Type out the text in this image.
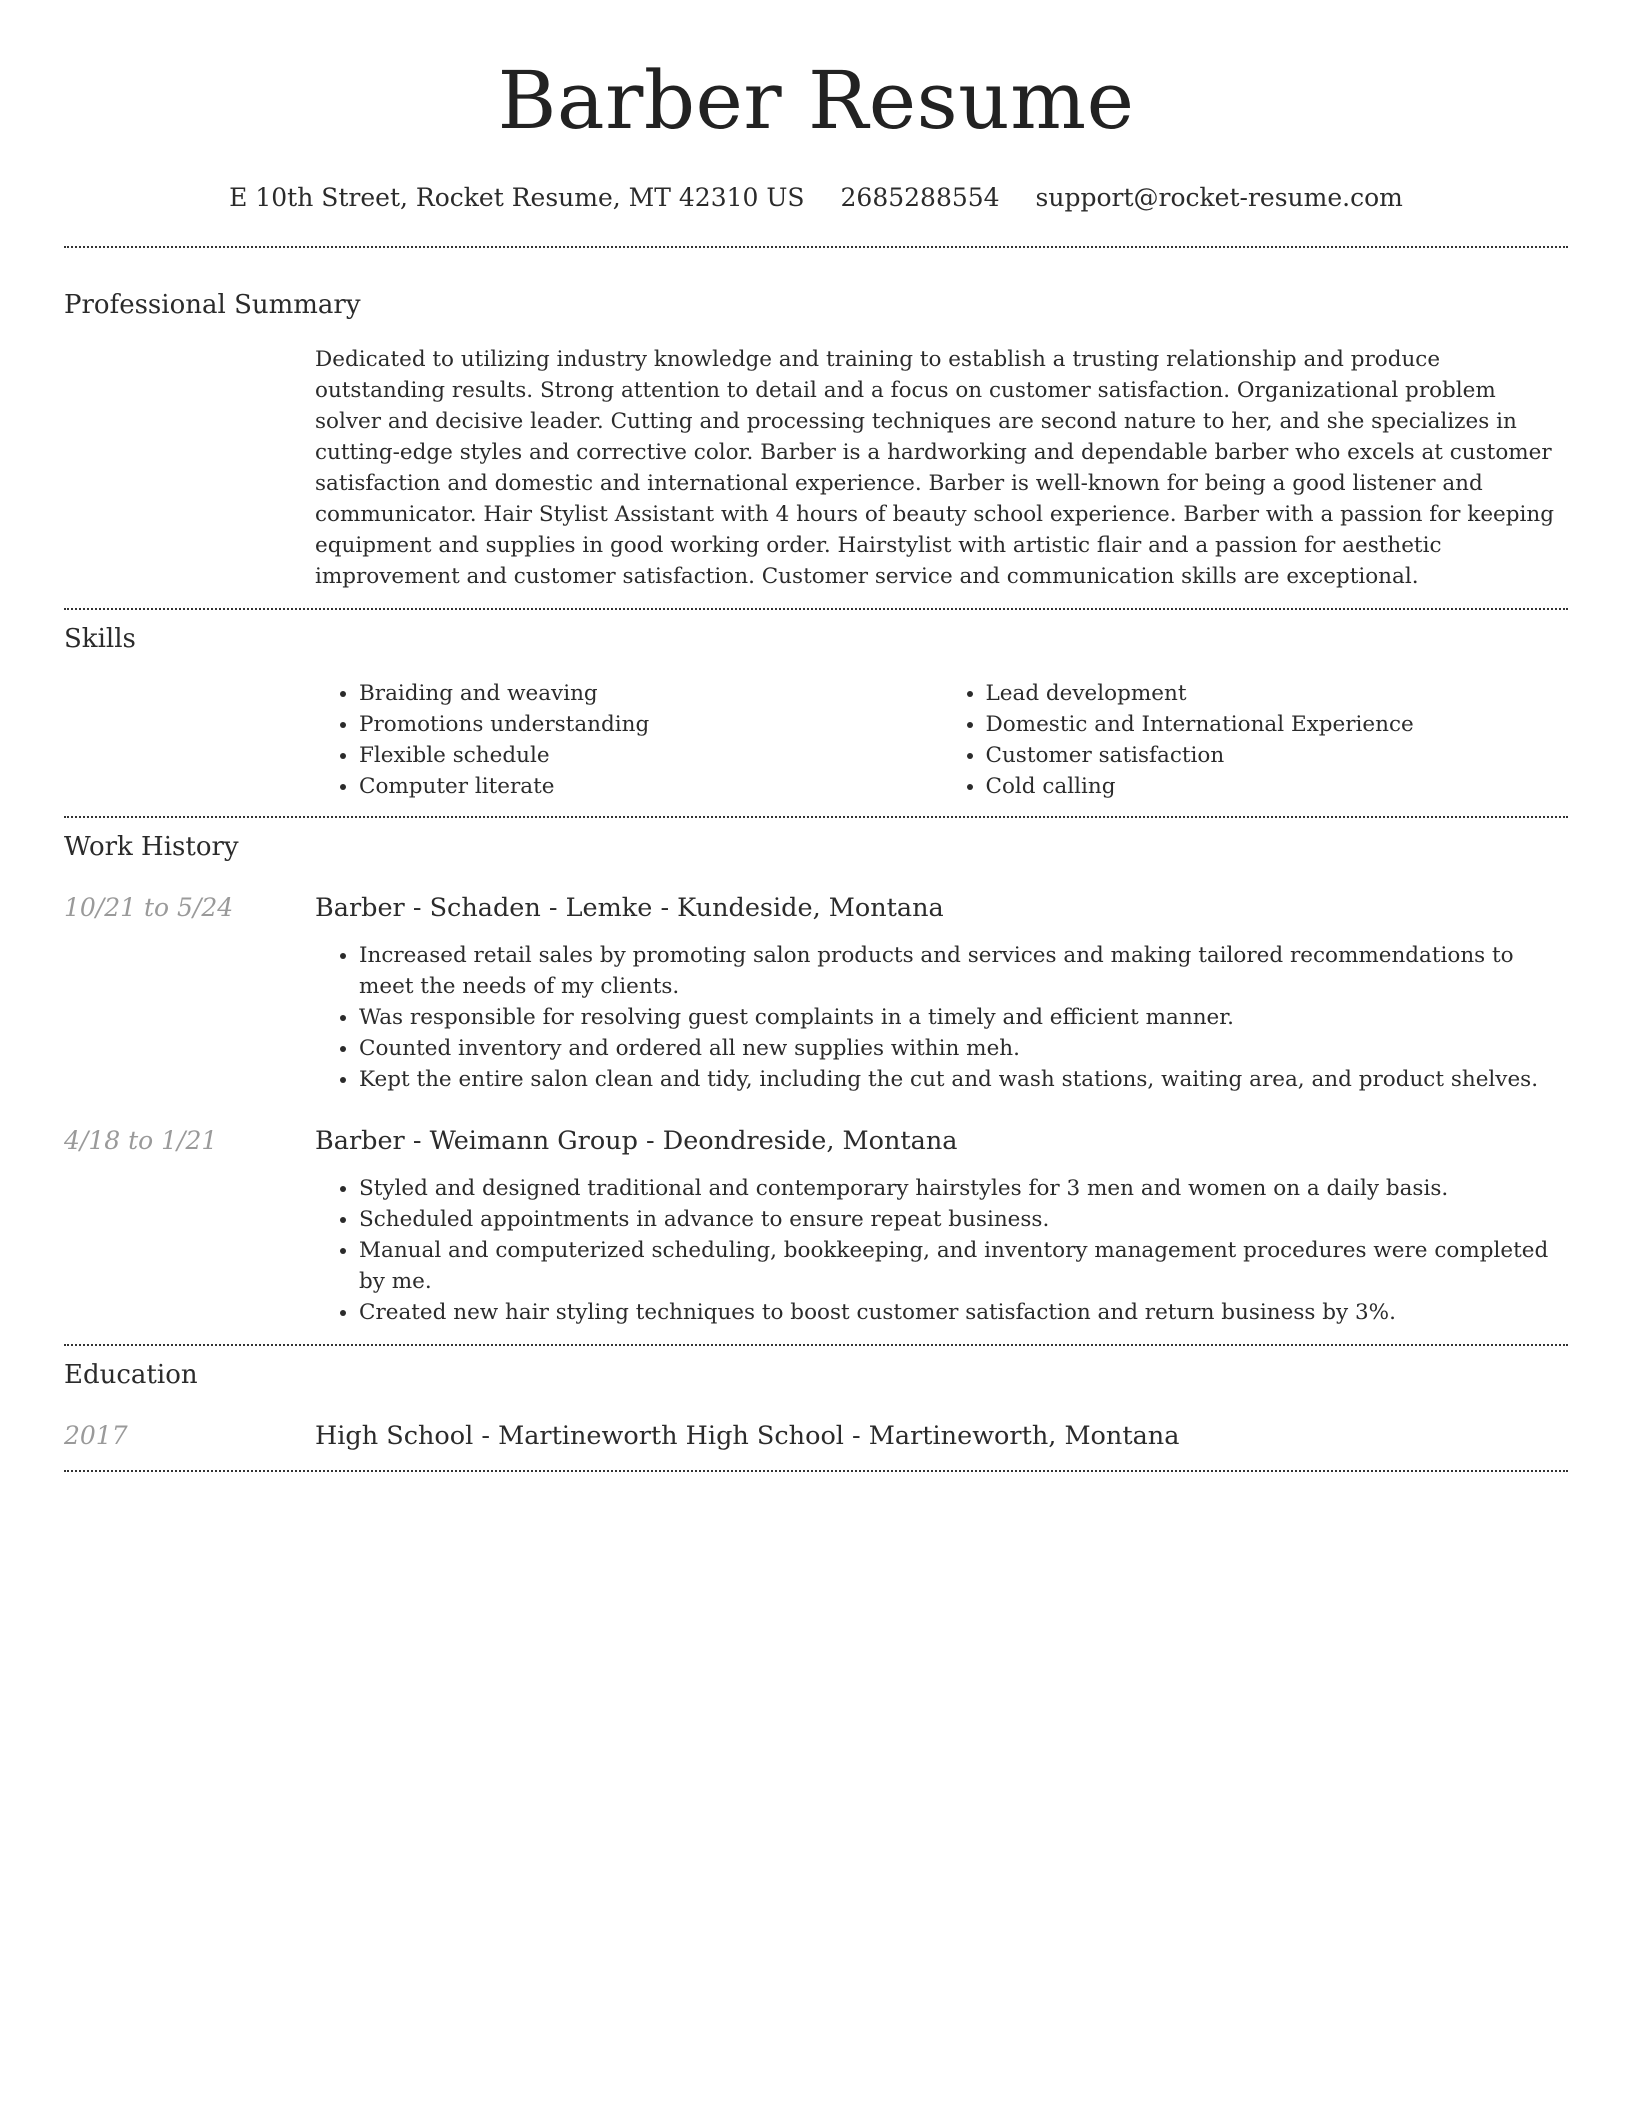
Barber Resume
E 10th Street, Rocket Resume, MT 42310 US 2685288554 support@rocket-resume.com
Professional Summary
Dedicated to utilizing industry knowledge and training to establish a trusting relationship and produce outstanding results. Strong attention to detail and a focus on customer satisfaction. Organizational problem solver and decisive leader. Cutting and processing techniques are second nature to her, and she specializes in cutting-edge styles and corrective color. Barber is a hardworking and dependable barber who excels at customer satisfaction and domestic and international experience. Barber is well-known for being a good listener and communicator. Hair Stylist Assistant with 4 hours of beauty school experience. Barber with a passion for keeping equipment and supplies in good working order. Hairstylist with artistic flair and a passion for aesthetic improvement and customer satisfaction. Customer service and communication skills are exceptional.
Skills
• Braiding and weaving
• Promotions understanding
• Flexible schedule
• Computer literate
• Lead development
• Domestic and International Experience
• Customer satisfaction
• Cold calling
Work History
10/21 to 5/24	Barber - Schaden - Lemke - Kundeside, Montana
• Increased retail sales by promoting salon products and services and making tailored recommendations to meet the needs of my clients.
• Was responsible for resolving guest complaints in a timely and efficient manner.
• Counted inventory and ordered all new supplies within meh.
• Kept the entire salon clean and tidy, including the cut and wash stations, waiting area, and product shelves.
4/18 to 1/21	Barber - Weimann Group - Deondreside, Montana
• Styled and designed traditional and contemporary hairstyles for 3 men and women on a daily basis.
• Scheduled appointments in advance to ensure repeat business.
• Manual and computerized scheduling, bookkeeping, and inventory management procedures were completed by me.
• Created new hair styling techniques to boost customer satisfaction and return business by 3%.
Education
2017	High School - Martineworth High School - Martineworth, Montana
